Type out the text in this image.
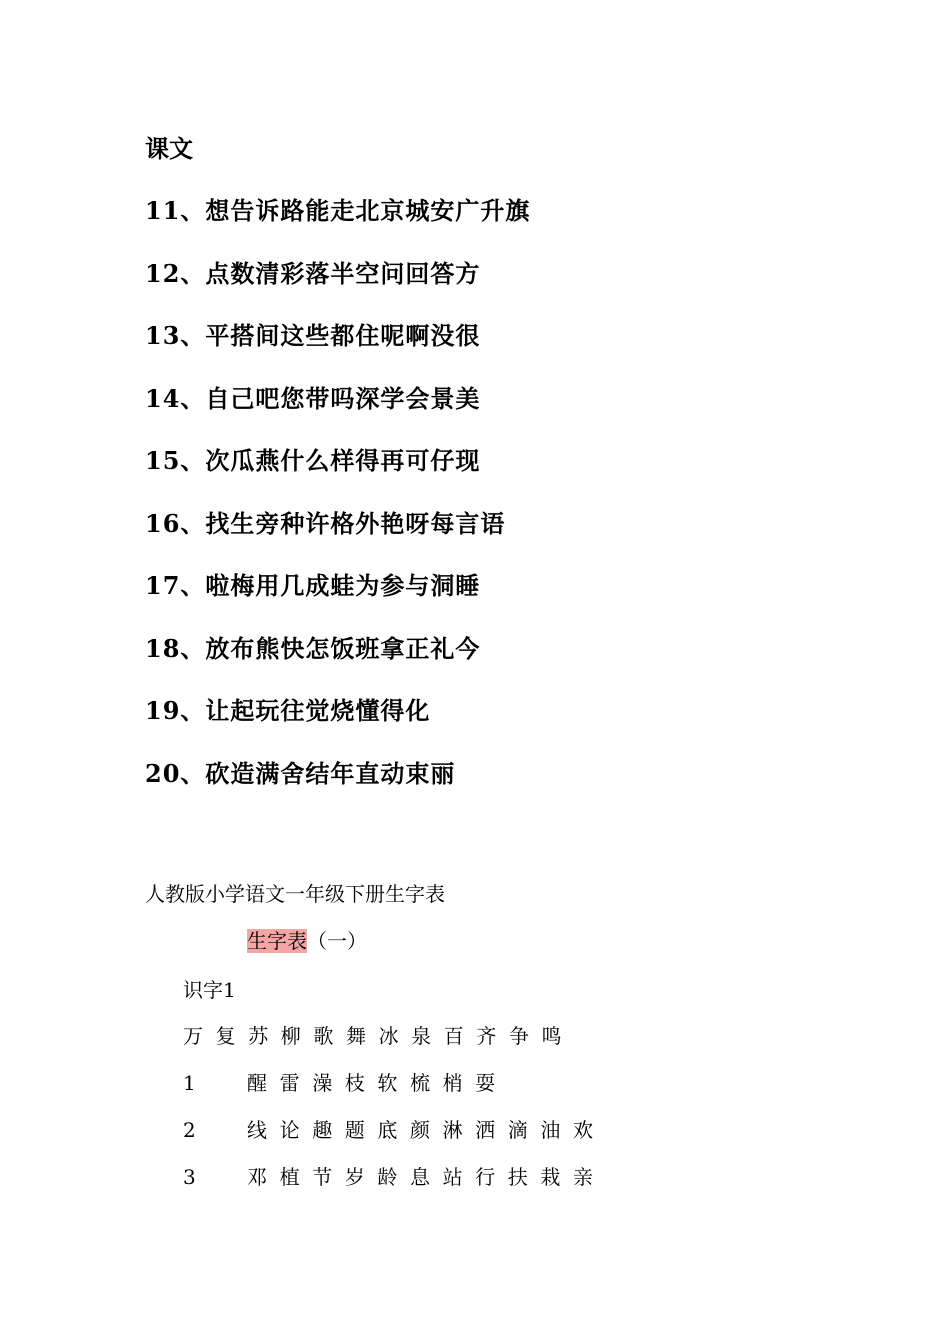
课文
11、想告诉路能走北京城安广升旗
12、点数清彩落半空问回答方
13、平搭间这些都住呢啊没很
14、自己吧您带吗深学会景美
15、次瓜燕什么样得再可仔现
16、找生旁种许格外艳呀每言语
17、啦梅用几成蛙为参与洞睡
18、放布熊快怎饭班拿正礼今
19、让起玩往觉烧懂得化
20、砍造满舍结年直动束丽
人教版小学语文一年级下册生字表
生字表（一）
识字1
万 复 苏 柳 歌 舞 冰 泉 百 齐 争 鸣
1	醒 雷 澡 枝 软 梳 梢 耍
2	线 论 趣 题 底 颜 淋 洒 滴 油 欢
3	邓 植 节 岁 龄 息 站 行 扶 栽 亲
